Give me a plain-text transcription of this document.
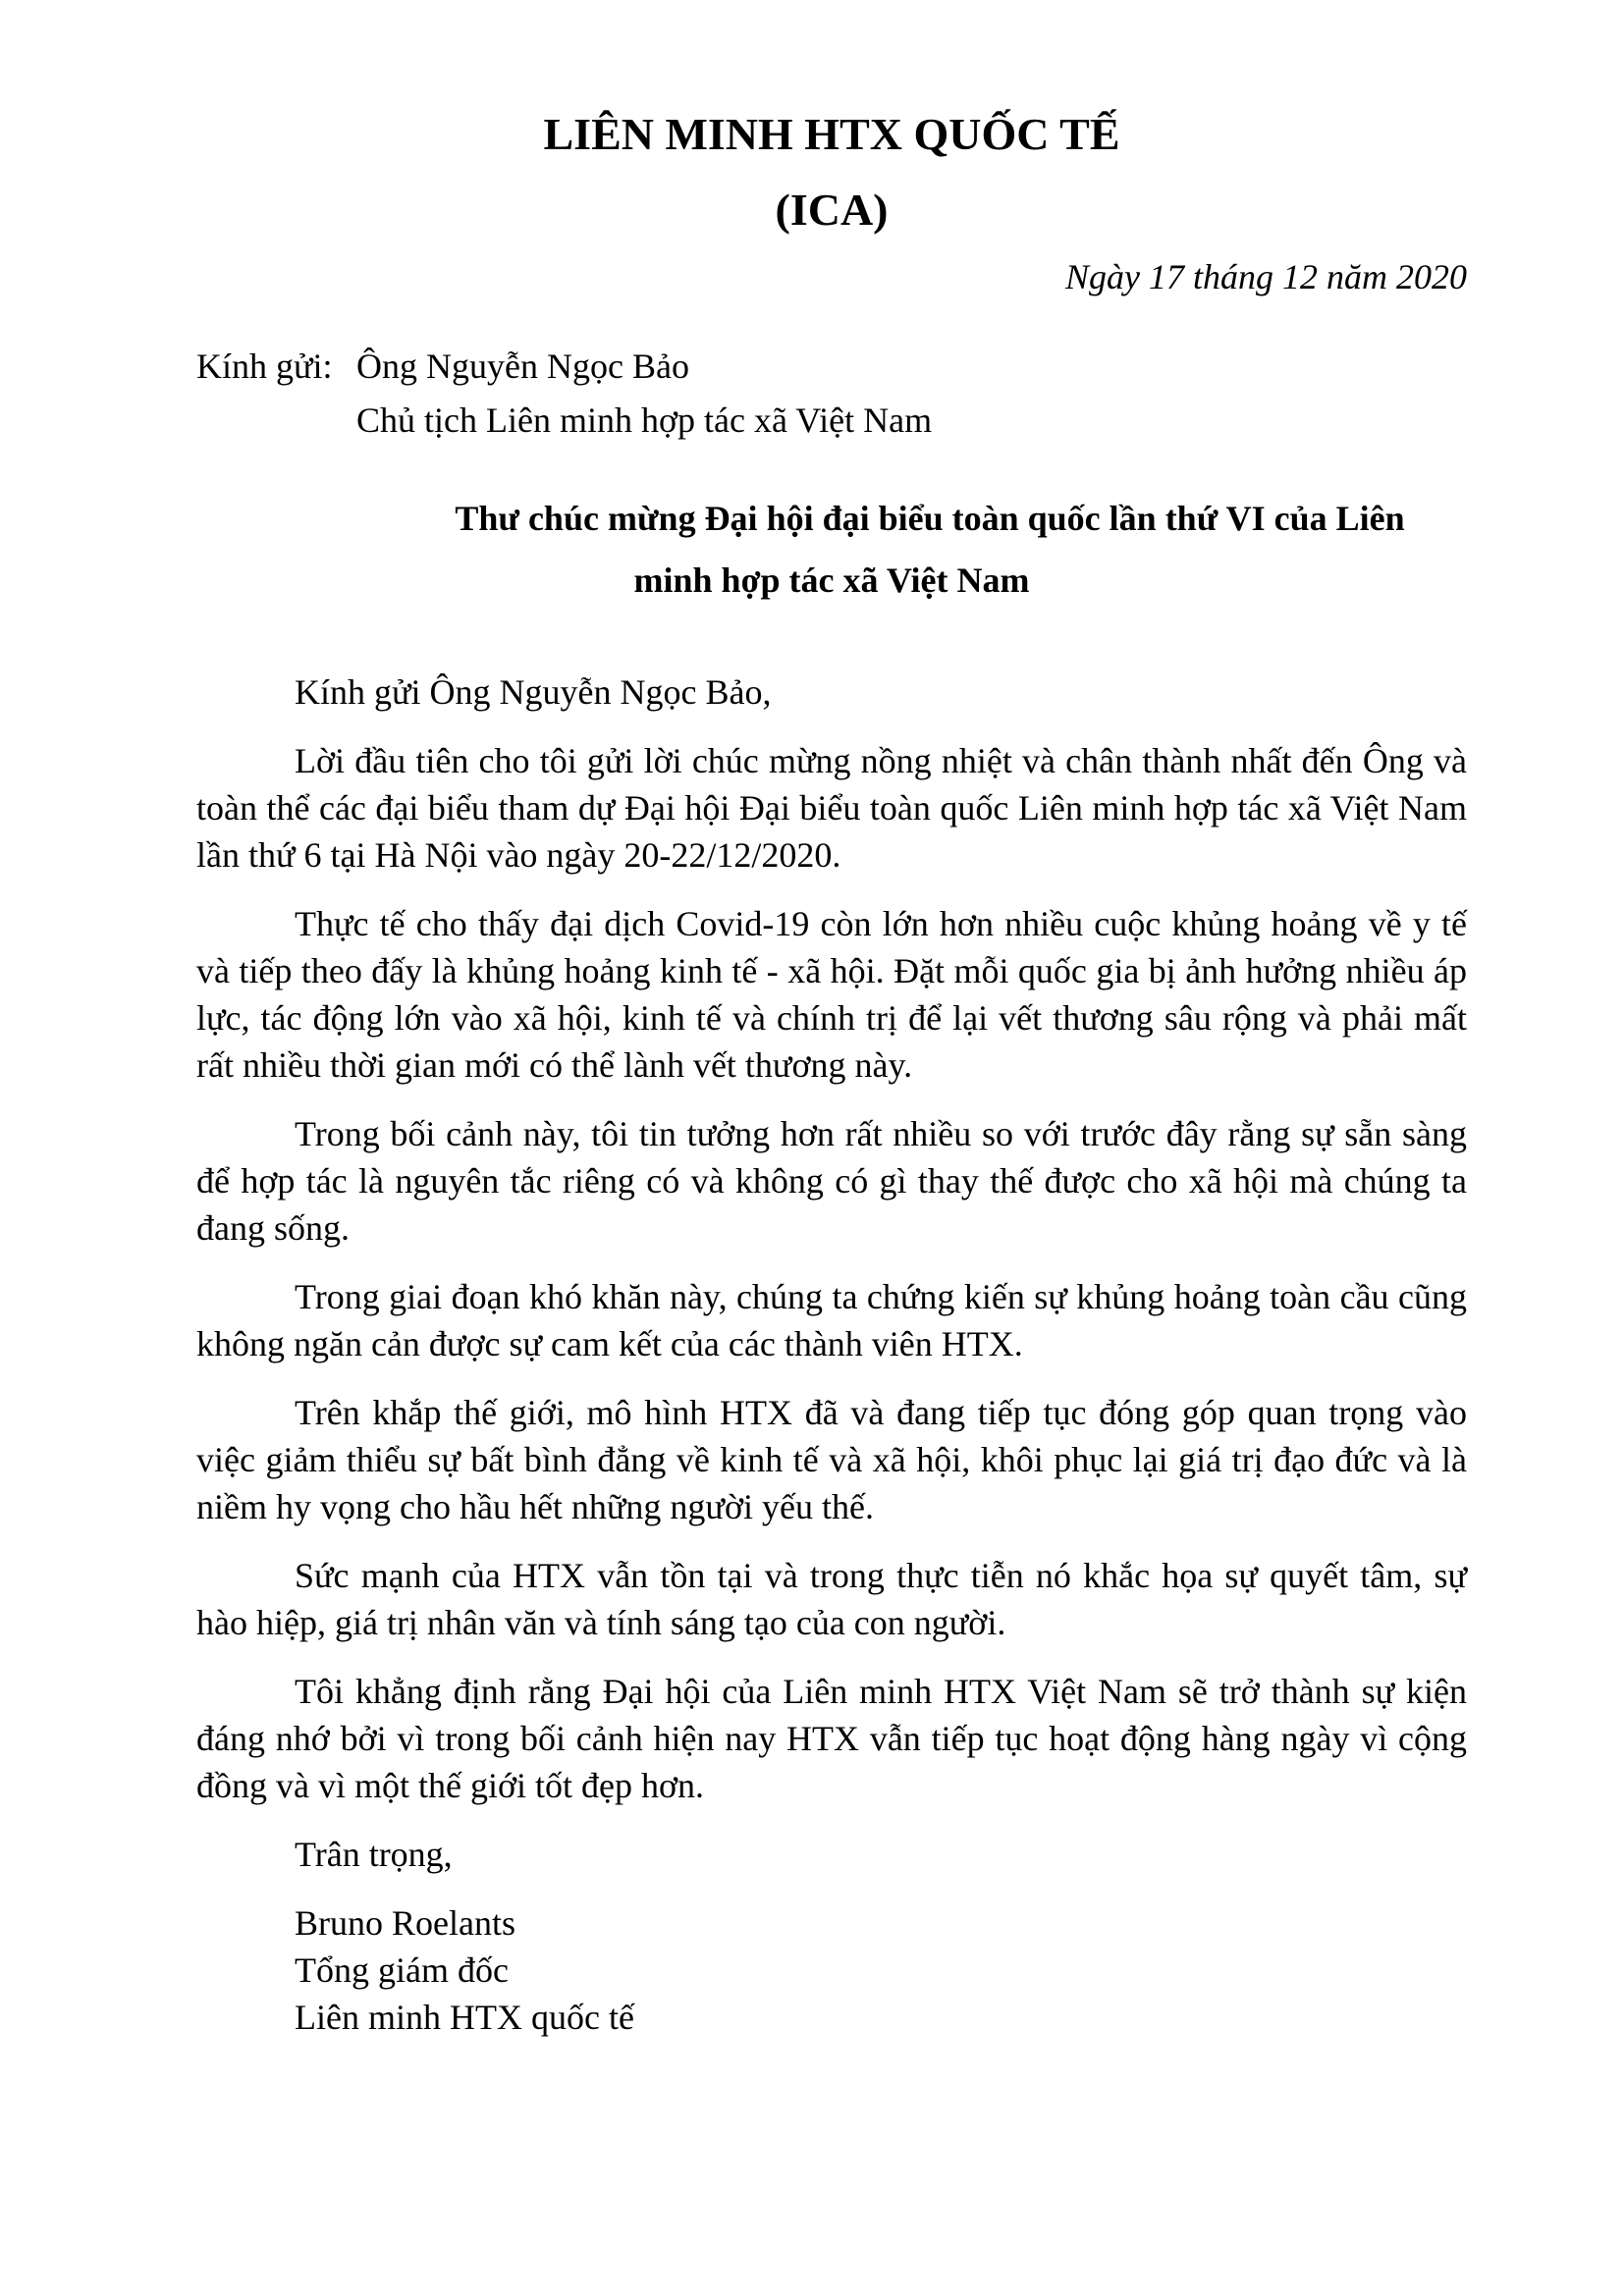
LIÊN MINH HTX QUỐC TẾ
(ICA)
Ngày 17 tháng 12 năm 2020
Kính gửi: Ông Nguyễn Ngọc Bảo
Chủ tịch Liên minh hợp tác xã Việt Nam
Thư chúc mừng Đại hội đại biểu toàn quốc lần thứ VI của Liên
minh hợp tác xã Việt Nam

Kính gửi Ông Nguyễn Ngọc Bảo,

Lời đầu tiên cho tôi gửi lời chúc mừng nồng nhiệt và chân thành nhất đến Ông và toàn thể các đại biểu tham dự Đại hội Đại biểu toàn quốc Liên minh hợp tác xã Việt Nam lần thứ 6 tại Hà Nội vào ngày 20-22/12/2020.

Thực tế cho thấy đại dịch Covid-19 còn lớn hơn nhiều cuộc khủng hoảng về y tế và tiếp theo đấy là khủng hoảng kinh tế - xã hội. Đặt mỗi quốc gia bị ảnh hưởng nhiều áp lực, tác động lớn vào xã hội, kinh tế và chính trị để lại vết thương sâu rộng và phải mất rất nhiều thời gian mới có thể lành vết thương này.

Trong bối cảnh này, tôi tin tưởng hơn rất nhiều so với trước đây rằng sự sẵn sàng để hợp tác là nguyên tắc riêng có và không có gì thay thế được cho xã hội mà chúng ta đang sống.

Trong giai đoạn khó khăn này, chúng ta chứng kiến sự khủng hoảng toàn cầu cũng không ngăn cản được sự cam kết của các thành viên HTX.

Trên khắp thế giới, mô hình HTX đã và đang tiếp tục đóng góp quan trọng vào việc giảm thiểu sự bất bình đẳng về kinh tế và xã hội, khôi phục lại giá trị đạo đức và là niềm hy vọng cho hầu hết những người yếu thế.

Sức mạnh của HTX vẫn tồn tại và trong thực tiễn nó khắc họa sự quyết tâm, sự hào hiệp, giá trị nhân văn và tính sáng tạo của con người.

Tôi khẳng định rằng Đại hội của Liên minh HTX Việt Nam sẽ trở thành sự kiện đáng nhớ bởi vì trong bối cảnh hiện nay HTX vẫn tiếp tục hoạt động hàng ngày vì cộng đồng và vì một thế giới tốt đẹp hơn.

Trân trọng,

Bruno Roelants
Tổng giám đốc
Liên minh HTX quốc tế
